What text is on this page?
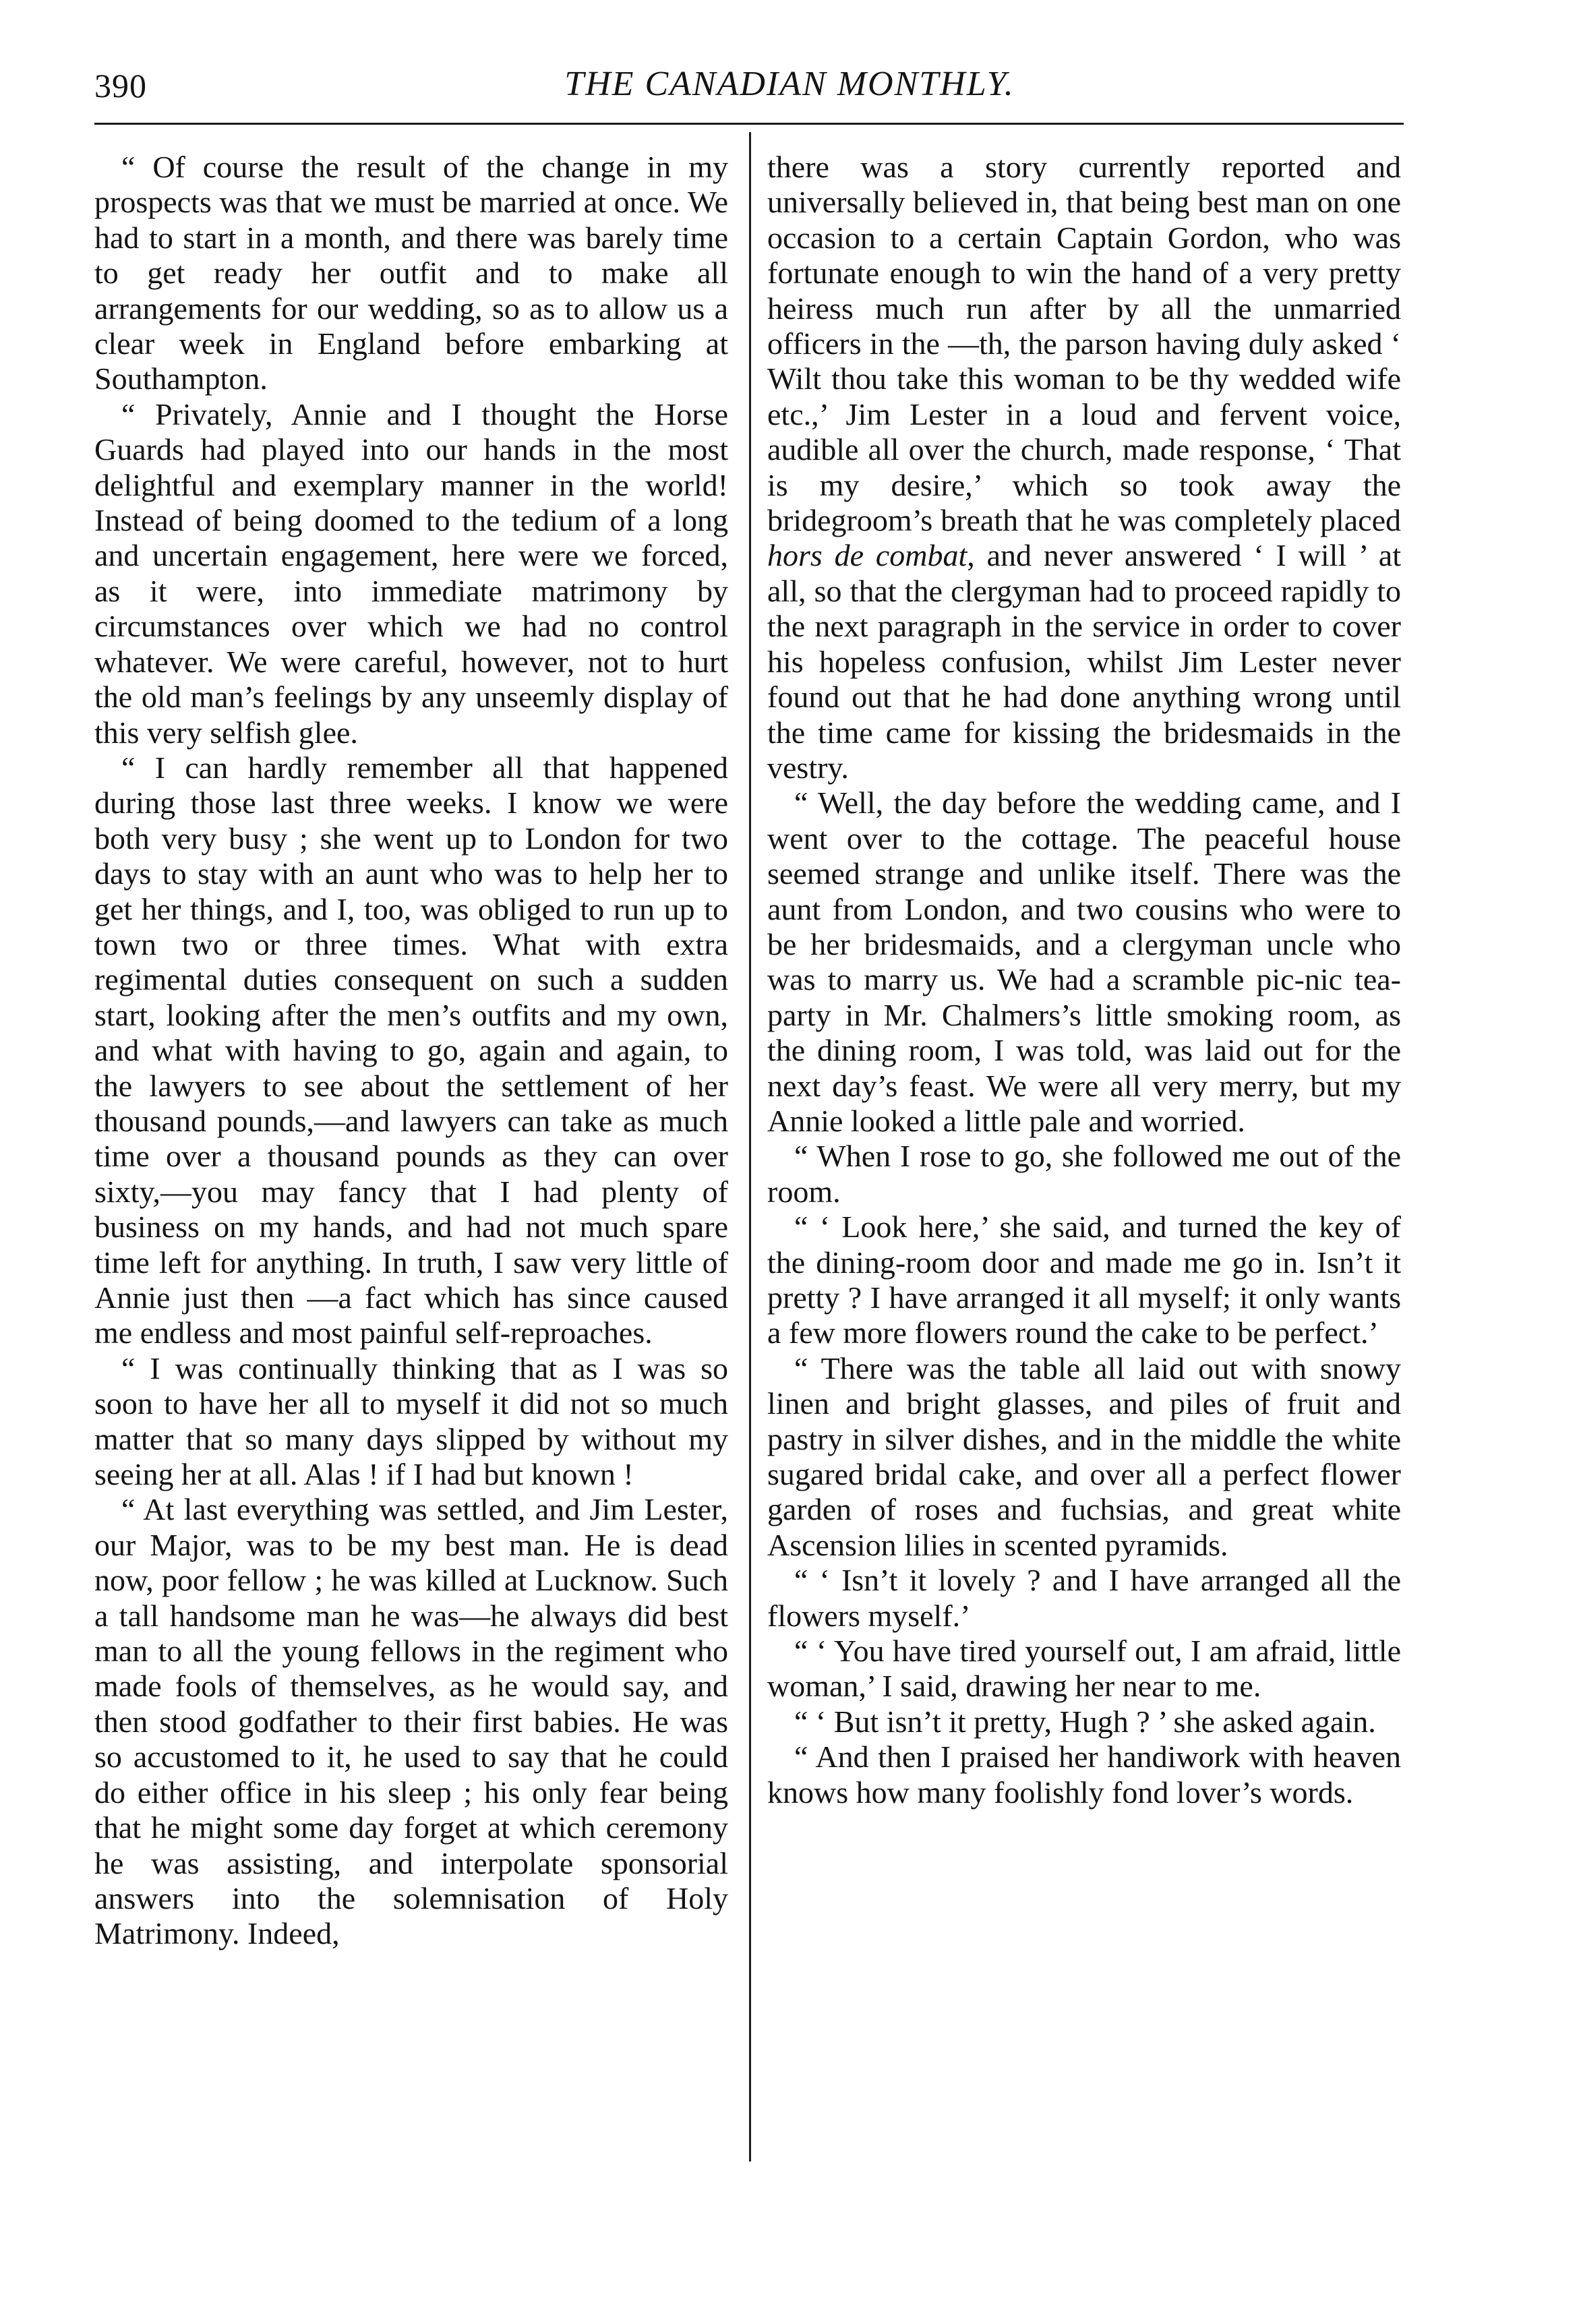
390	THE CANADIAN MONTHLY.

“ Of course the result of the change in my prospects was that we must be married at once. We had to start in a month, and there was barely time to get ready her outfit and to make all arrangements for our wedding, so as to allow us a clear week in England before embarking at Southampton.

“ Privately, Annie and I thought the Horse Guards had played into our hands in the most delightful and exemplary manner in the world! Instead of being doomed to the tedium of a long and uncertain engagement, here were we forced, as it were, into immediate matrimony by circumstances over which we had no control whatever. We were careful, however, not to hurt the old man’s feelings by any unseemly display of this very selfish glee.

“ I can hardly remember all that happened during those last three weeks. I know we were both very busy ; she went up to London for two days to stay with an aunt who was to help her to get her things, and I, too, was obliged to run up to town two or three times. What with extra regimental duties consequent on such a sudden start, looking after the men’s outfits and my own, and what with having to go, again and again, to the lawyers to see about the settlement of her thousand pounds,—and lawyers can take as much time over a thousand pounds as they can over sixty,—you may fancy that I had plenty of business on my hands, and had not much spare time left for anything. In truth, I saw very little of Annie just then —a fact which has since caused me endless and most painful self-reproaches.

“ I was continually thinking that as I was so soon to have her all to myself it did not so much matter that so many days slipped by without my seeing her at all. Alas ! if I had but known !

“ At last everything was settled, and Jim Lester, our Major, was to be my best man. He is dead now, poor fellow ; he was killed at Lucknow. Such a tall handsome man he was—he always did best man to all the young fellows in the regiment who made fools of themselves, as he would say, and then stood godfather to their first babies. He was so accustomed to it, he used to say that he could do either office in his sleep ; his only fear being that he might some day forget at which ceremony he was assisting, and interpolate sponsorial answers into the solemnisation of Holy Matrimony. Indeed,

there was a story currently reported and universally believed in, that being best man on one occasion to a certain Captain Gordon, who was fortunate enough to win the hand of a very pretty heiress much run after by all the unmarried officers in the —th, the parson having duly asked ‘ Wilt thou take this woman to be thy wedded wife etc.,’ Jim Lester in a loud and fervent voice, audible all over the church, made response, ‘ That is my desire,’ which so took away the bridegroom’s breath that he was completely placed hors de combat, and never answered ‘ I will ’ at all, so that the clergyman had to proceed rapidly to the next paragraph in the service in order to cover his hopeless confusion, whilst Jim Lester never found out that he had done anything wrong until the time came for kissing the bridesmaids in the vestry.

“ Well, the day before the wedding came, and I went over to the cottage. The peaceful house seemed strange and unlike itself. There was the aunt from London, and two cousins who were to be her bridesmaids, and a clergyman uncle who was to marry us. We had a scramble pic-nic tea-party in Mr. Chalmers’s little smoking room, as the dining room, I was told, was laid out for the next day’s feast. We were all very merry, but my Annie looked a little pale and worried.

“ When I rose to go, she followed me out of the room.

“ ‘ Look here,’ she said, and turned the key of the dining-room door and made me go in. Isn’t it pretty ? I have arranged it all myself; it only wants a few more flowers round the cake to be perfect.’

“ There was the table all laid out with snowy linen and bright glasses, and piles of fruit and pastry in silver dishes, and in the middle the white sugared bridal cake, and over all a perfect flower garden of roses and fuchsias, and great white Ascension lilies in scented pyramids.

“ ‘ Isn’t it lovely ? and I have arranged all the flowers myself.’

“ ‘ You have tired yourself out, I am afraid, little woman,’ I said, drawing her near to me.

“ ‘ But isn’t it pretty, Hugh ? ’ she asked again.

“ And then I praised her handiwork with heaven knows how many foolishly fond lover’s words.
